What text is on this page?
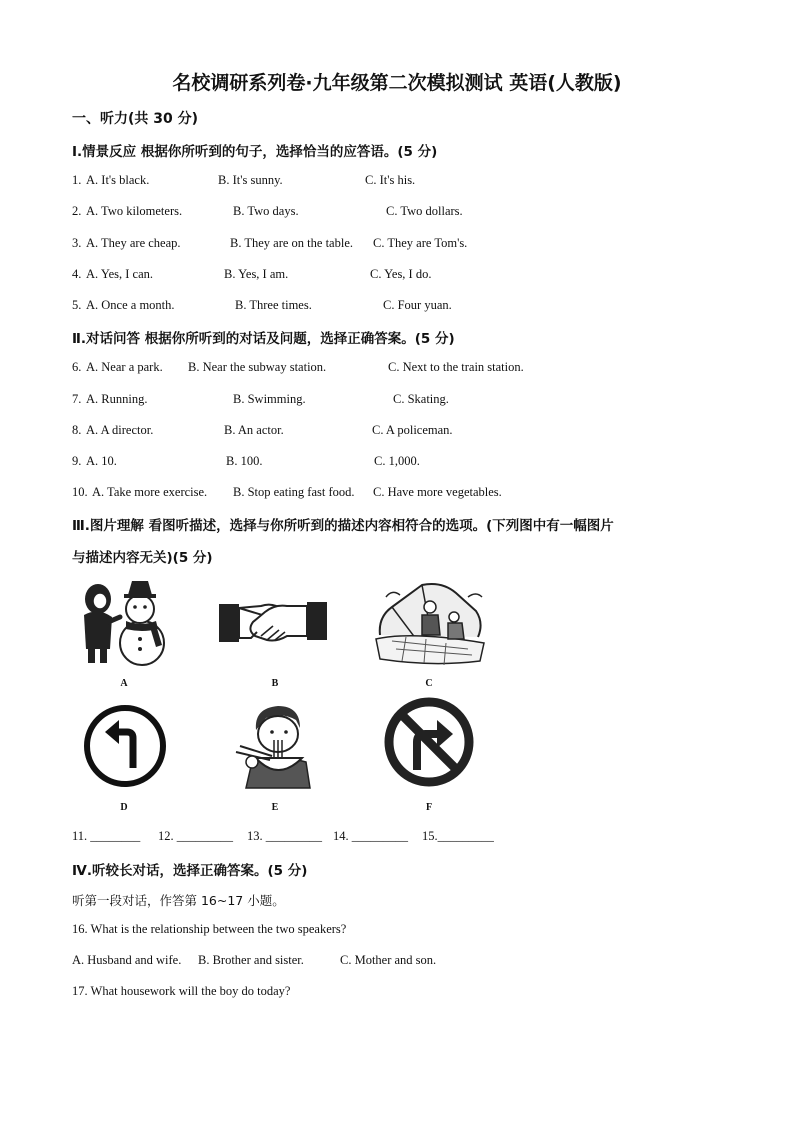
名校调研系列卷·九年级第二次模拟测试 英语(人教版)
一、听力(共 30 分)
Ⅰ.情景反应 根据你所听到的句子，选择恰当的应答语。(5 分)
1. A. It's black.	B. It's sunny.	C. It's his.
2. A. Two kilometers.	B. Two days.	C. Two dollars.
3. A. They are cheap.	B. They are on the table. C. They are Tom's.
4. A. Yes, I can.	B. Yes, I am.	C. Yes, I do.
5. A. Once a month.	B. Three times.	C. Four yuan.
Ⅱ.对话问答 根据你所听到的对话及问题，选择正确答案。(5 分)
6. A. Near a park. B. Near the subway station.	C. Next to the train station.
7. A. Running.	B. Swimming.	C. Skating.
8. A. A director.	B. An actor.	C. A policeman.
9. A. 10.	B. 100.	C. 1,000.
10. A. Take more exercise. B. Stop eating fast food. C. Have more vegetables.
Ⅲ.图片理解 看图听描述，选择与你所听到的描述内容相符合的选项。(下列图中有一幅图片
与描述内容无关)(5 分)
A	B	C
D	E	F
11. ________ 12. _________ 13. _________ 14. _________ 15._________
Ⅳ.听较长对话，选择正确答案。(5 分)
听第一段对话，作答第 16~17 小题。
16. What is the relationship between the two speakers?
A. Husband and wife. B. Brother and sister.	C. Mother and son.
17. What housework will the boy do today?
